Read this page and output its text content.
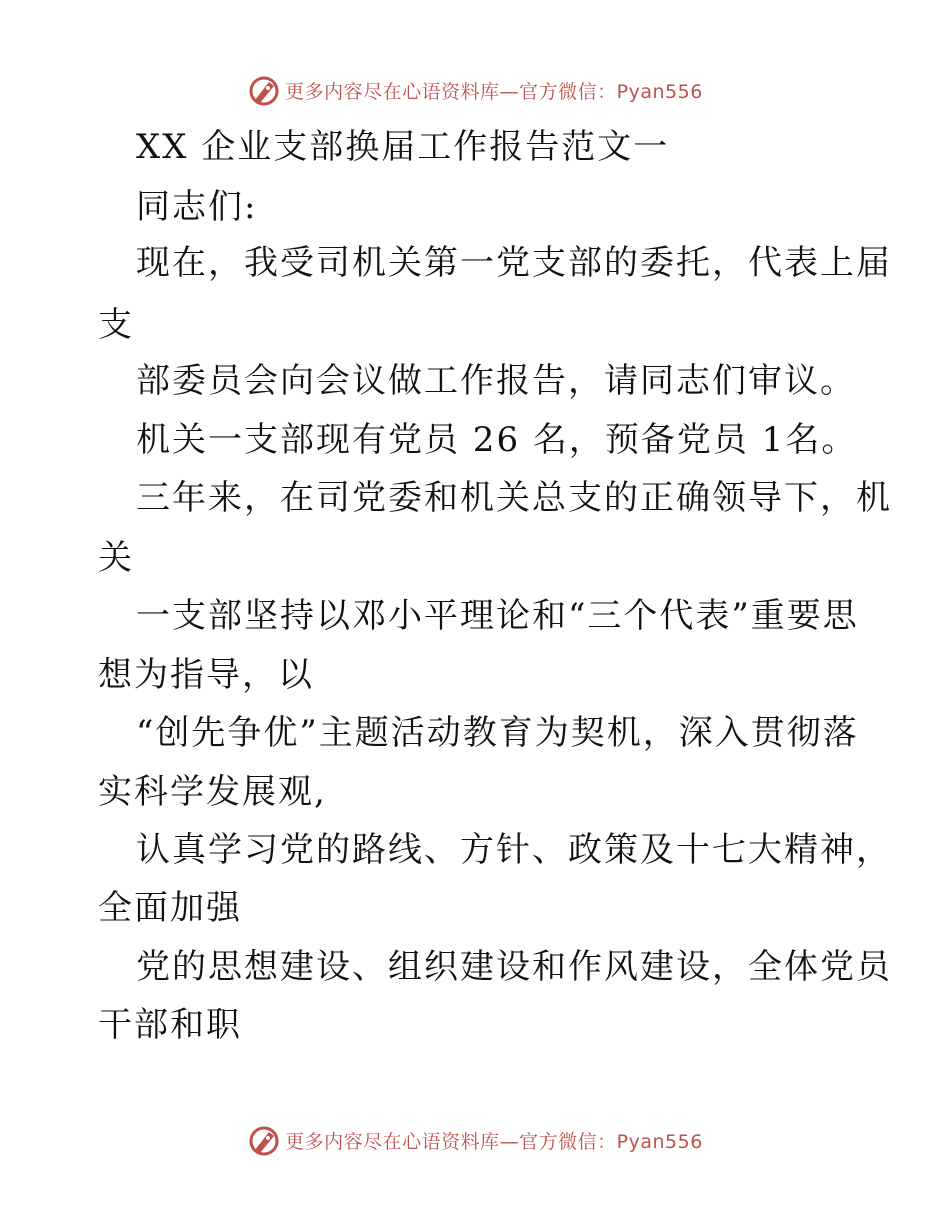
更多内容尽在心语资料库—官方微信：Pyan556
XX 企业支部换届工作报告范文一
同志们:
现在，我受司机关第一党支部的委托，代表上届
支
部委员会向会议做工作报告，请同志们审议。
机关一支部现有党员 26 名，预备党员 1名。
三年来，在司党委和机关总支的正确领导下，机
关
一支部坚持以邓小平理论和“三个代表”重要思
想为指导，以
“创先争优”主题活动教育为契机，深入贯彻落
实科学发展观,
认真学习党的路线、方针、政策及十七大精神，
全面加强
党的思想建设、组织建设和作风建设，全体党员
干部和职
更多内容尽在心语资料库—官方微信：Pyan556
